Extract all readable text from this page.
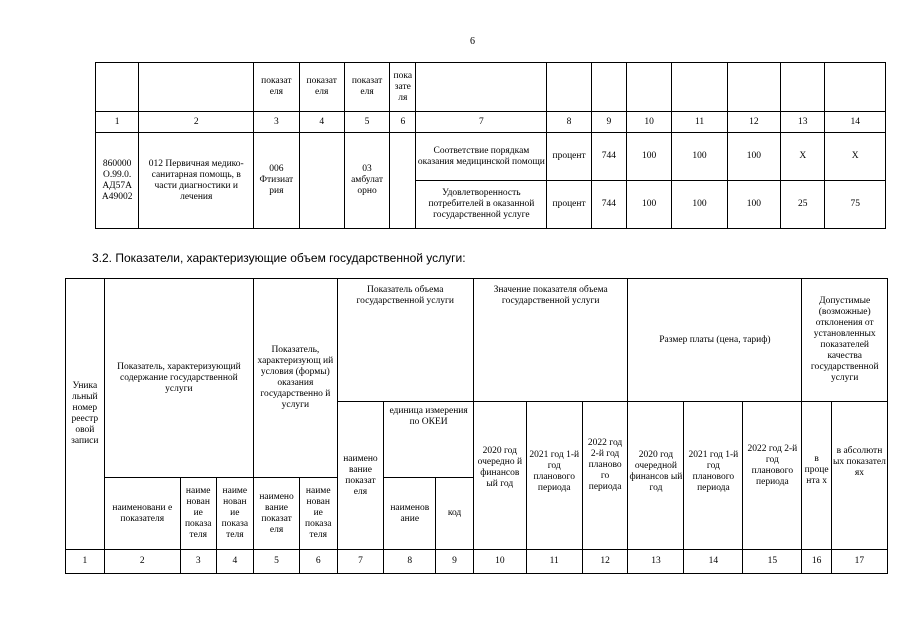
6
		показат еля	показат еля	показат еля	пока зате ля								
1	2	3	4	5	6	7	8	9	10	11	12	13	14
860000 О.99.0. АД57А А49002	012 Первичная медико-санитарная помощь, в части диагностики и лечения	006 Фтизиат рия		03 амбулат орно		Соответствие порядкам оказания медицинской помощи	процент	744	100	100	100	Х	Х
						Удовлетворенность потребителей в оказанной государственной услуге	процент	744	100	100	100	25	75
3.2. Показатели, характеризующие объем государственной услуги:
Уника льный номер реестр овой записи	Показатель, характеризующий содержание государственной услуги			Показатель, характеризующ ий условия (формы) оказания государственно й услуги		Показатель объема государственной услуги			Значение показателя объема государственной услуги			Размер платы (цена, тариф)			Допустимые (возможные) отклонения от установленных показателей качества государственной услуги	
						наимено вание показат еля	единица измерения по ОКЕИ		2020 год очередно й финансов ый год	2021 год 1-й год планового периода	2022 год 2-й год планово го периода	2020 год очередной финансов ый год	2021 год 1-й год планового периода	2022 год 2-й год планового периода	в проце нта х	в абсолютн ых показател ях
	наименовани е показателя	наиме нован ие показа теля	наиме нован ие показа теля	наимено вание показат еля	наиме нован ие показа теля		наименов ание	код								
1	2	3	4	5	6	7	8	9	10	11	12	13	14	15	16	17
